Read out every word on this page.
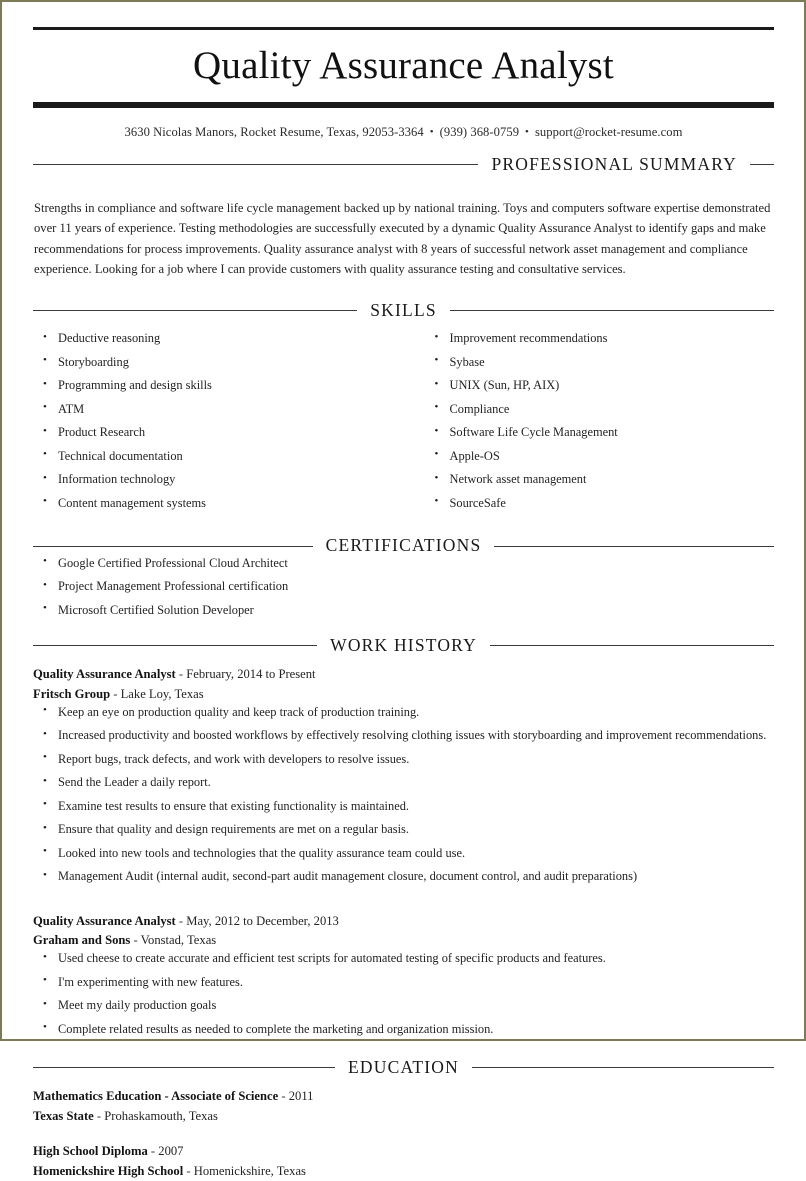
Quality Assurance Analyst
3630 Nicolas Manors, Rocket Resume, Texas, 92053-3364 • (939) 368-0759 • support@rocket-resume.com
PROFESSIONAL SUMMARY

Strengths in compliance and software life cycle management backed up by national training. Toys and computers software expertise demonstrated over 11 years of experience. Testing methodologies are successfully executed by a dynamic Quality Assurance Analyst to identify gaps and make recommendations for process improvements. Quality assurance analyst with 8 years of successful network asset management and compliance experience. Looking for a job where I can provide customers with quality assurance testing and consultative services.

SKILLS
• Deductive reasoning
• Storyboarding
• Programming and design skills
• ATM
• Product Research
• Technical documentation
• Information technology
• Content management systems
• Improvement recommendations
• Sybase
• UNIX (Sun, HP, AIX)
• Compliance
• Software Life Cycle Management
• Apple-OS
• Network asset management
• SourceSafe
CERTIFICATIONS
• Google Certified Professional Cloud Architect
• Project Management Professional certification
• Microsoft Certified Solution Developer
WORK HISTORY
Quality Assurance Analyst - February, 2014 to Present
Fritsch Group - Lake Loy, Texas
• Keep an eye on production quality and keep track of production training.
• Increased productivity and boosted workflows by effectively resolving clothing issues with storyboarding and improvement recommendations.
• Report bugs, track defects, and work with developers to resolve issues.
• Send the Leader a daily report.
• Examine test results to ensure that existing functionality is maintained.
• Ensure that quality and design requirements are met on a regular basis.
• Looked into new tools and technologies that the quality assurance team could use.
• Management Audit (internal audit, second-part audit management closure, document control, and audit preparations)
Quality Assurance Analyst - May, 2012 to December, 2013
Graham and Sons - Vonstad, Texas
• Used cheese to create accurate and efficient test scripts for automated testing of specific products and features.
• I'm experimenting with new features.
• Meet my daily production goals
• Complete related results as needed to complete the marketing and organization mission.
EDUCATION
Mathematics Education - Associate of Science - 2011
Texas State - Prohaskamouth, Texas
High School Diploma - 2007
Homenickshire High School - Homenickshire, Texas
